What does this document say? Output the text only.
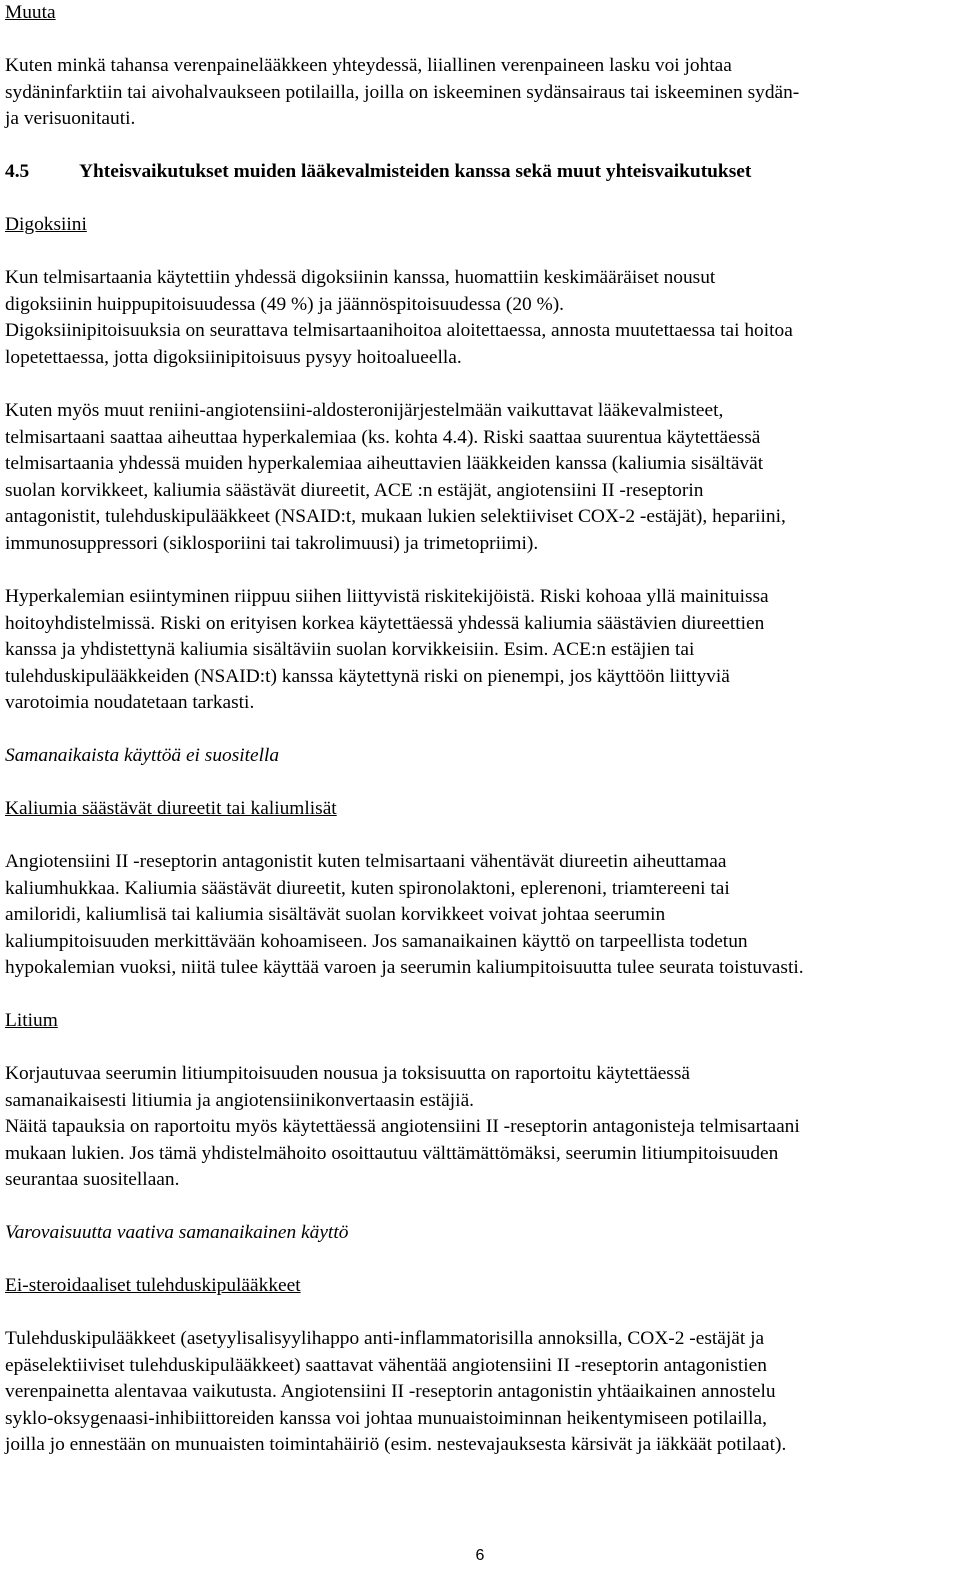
Muuta
Kuten minkä tahansa verenpainelääkkeen yhteydessä, liiallinen verenpaineen lasku voi johtaa
sydäninfarktiin tai aivohalvaukseen potilailla, joilla on iskeeminen sydänsairaus tai iskeeminen sydän-
ja verisuonitauti.
4.5	Yhteisvaikutukset muiden lääkevalmisteiden kanssa sekä muut yhteisvaikutukset
Digoksiini
Kun telmisartaania käytettiin yhdessä digoksiinin kanssa, huomattiin keskimääräiset nousut
digoksiinin huippupitoisuudessa (49 %) ja jäännöspitoisuudessa (20 %).
Digoksiinipitoisuuksia on seurattava telmisartaanihoitoa aloitettaessa, annosta muutettaessa tai hoitoa
lopetettaessa, jotta digoksiinipitoisuus pysyy hoitoalueella.
Kuten myös muut reniini-angiotensiini-aldosteronijärjestelmään vaikuttavat lääkevalmisteet,
telmisartaani saattaa aiheuttaa hyperkalemiaa (ks. kohta 4.4). Riski saattaa suurentua käytettäessä
telmisartaania yhdessä muiden hyperkalemiaa aiheuttavien lääkkeiden kanssa (kaliumia sisältävät
suolan korvikkeet, kaliumia säästävät diureetit, ACE :n estäjät, angiotensiini II -reseptorin
antagonistit, tulehduskipulääkkeet (NSAID:t, mukaan lukien selektiiviset COX-2 -estäjät), hepariini,
immunosuppressori (siklosporiini tai takrolimuusi) ja trimetopriimi).
Hyperkalemian esiintyminen riippuu siihen liittyvistä riskitekijöistä. Riski kohoaa yllä mainituissa
hoitoyhdistelmissä. Riski on erityisen korkea käytettäessä yhdessä kaliumia säästävien diureettien
kanssa ja yhdistettynä kaliumia sisältäviin suolan korvikkeisiin. Esim. ACE:n estäjien tai
tulehduskipulääkkeiden (NSAID:t) kanssa käytettynä riski on pienempi, jos käyttöön liittyviä
varotoimia noudatetaan tarkasti.
Samanaikaista käyttöä ei suositella
Kaliumia säästävät diureetit tai kaliumlisät
Angiotensiini II -reseptorin antagonistit kuten telmisartaani vähentävät diureetin aiheuttamaa
kaliumhukkaa. Kaliumia säästävät diureetit, kuten spironolaktoni, eplerenoni, triamtereeni tai
amiloridi, kaliumlisä tai kaliumia sisältävät suolan korvikkeet voivat johtaa seerumin
kaliumpitoisuuden merkittävään kohoamiseen. Jos samanaikainen käyttö on tarpeellista todetun
hypokalemian vuoksi, niitä tulee käyttää varoen ja seerumin kaliumpitoisuutta tulee seurata toistuvasti.
Litium
Korjautuvaa seerumin litiumpitoisuuden nousua ja toksisuutta on raportoitu käytettäessä
samanaikaisesti litiumia ja angiotensiinikonvertaasin estäjiä.
Näitä tapauksia on raportoitu myös käytettäessä angiotensiini II -reseptorin antagonisteja telmisartaani
mukaan lukien. Jos tämä yhdistelmähoito osoittautuu välttämättömäksi, seerumin litiumpitoisuuden
seurantaa suositellaan.
Varovaisuutta vaativa samanaikainen käyttö
Ei-steroidaaliset tulehduskipulääkkeet
Tulehduskipulääkkeet (asetyylisalisyylihappo anti-inflammatorisilla annoksilla, COX-2 -estäjät ja
epäselektiiviset tulehduskipulääkkeet) saattavat vähentää angiotensiini II -reseptorin antagonistien
verenpainetta alentavaa vaikutusta. Angiotensiini II -reseptorin antagonistin yhtäaikainen annostelu
syklo-oksygenaasi-inhibiittoreiden kanssa voi johtaa munuaistoiminnan heikentymiseen potilailla,
joilla jo ennestään on munuaisten toimintahäiriö (esim. nestevajauksesta kärsivät ja iäkkäät potilaat).
6
